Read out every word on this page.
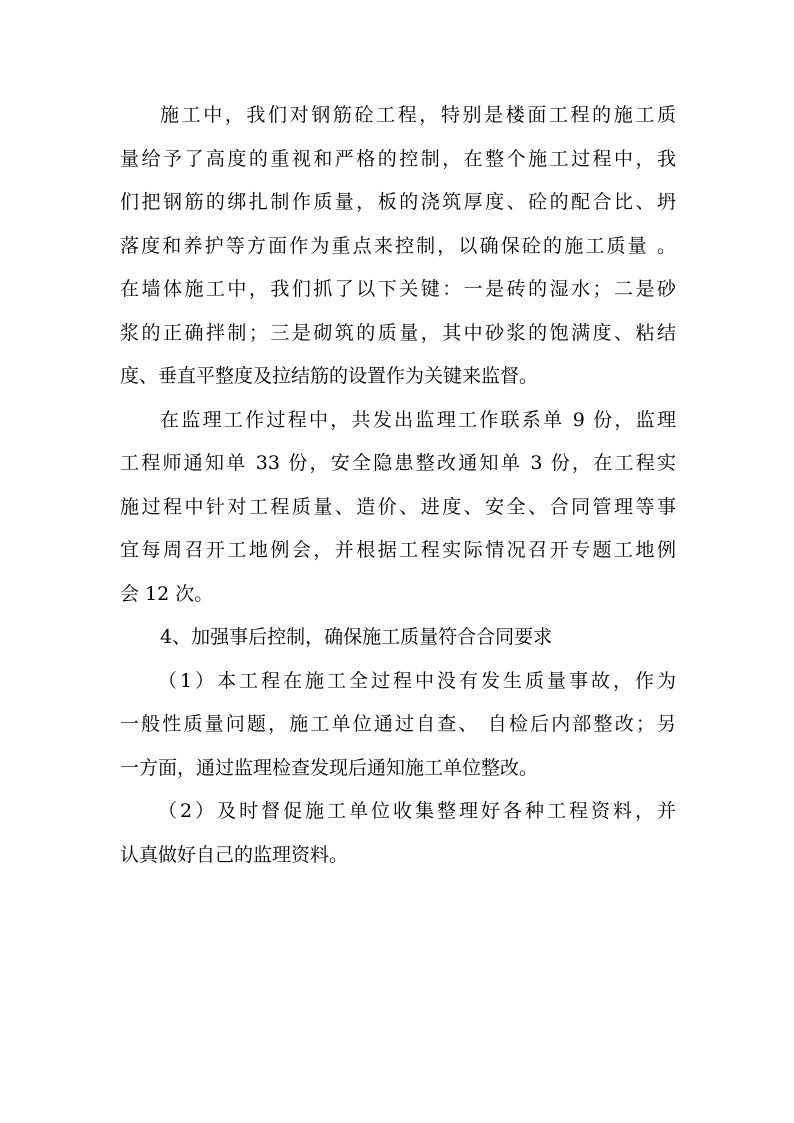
施工中，我们对钢筋砼工程，特别是楼面工程的施工质
量给予了高度的重视和严格的控制，在整个施工过程中，我
们把钢筋的绑扎制作质量，板的浇筑厚度、砼的配合比、坍
落度和养护等方面作为重点来控制，以确保砼的施工质量 。
在墙体施工中，我们抓了以下关键：一是砖的湿水；二是砂
浆的正确拌制；三是砌筑的质量，其中砂浆的饱满度、粘结
度、垂直平整度及拉结筋的设置作为关键来监督。
在监理工作过程中，共发出监理工作联系单 9 份，监理
工程师通知单 33 份，安全隐患整改通知单 3 份，在工程实
施过程中针对工程质量、造价、进度、安全、合同管理等事
宜每周召开工地例会，并根据工程实际情况召开专题工地例
会 12 次。
4、加强事后控制，确保施工质量符合合同要求
（1）本工程在施工全过程中没有发生质量事故，作为
一般性质量问题，施工单位通过自查、 自检后内部整改；另
一方面，通过监理检查发现后通知施工单位整改。
（2）及时督促施工单位收集整理好各种工程资料，并
认真做好自己的监理资料。
